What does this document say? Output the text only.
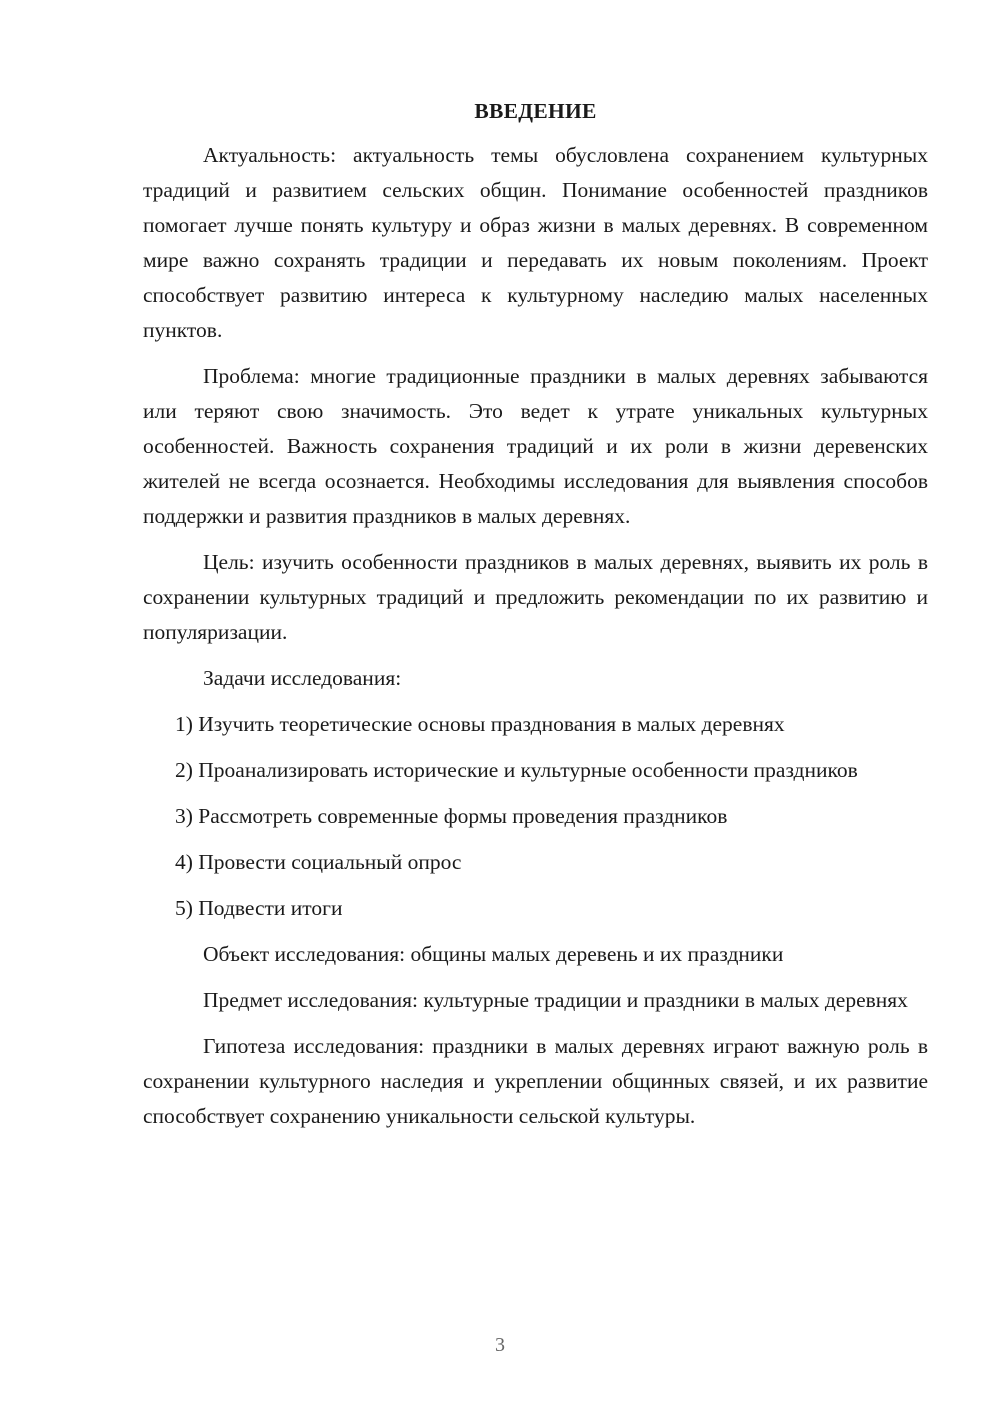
ВВЕДЕНИЕ

Актуальность: актуальность темы обусловлена сохранением культурных традиций и развитием сельских общин. Понимание особенностей праздников помогает лучше понять культуру и образ жизни в малых деревнях. В современном мире важно сохранять традиции и передавать их новым поколениям. Проект способствует развитию интереса к культурному наследию малых населенных пунктов.

Проблема: многие традиционные праздники в малых деревнях забываются или теряют свою значимость. Это ведет к утрате уникальных культурных особенностей. Важность сохранения традиций и их роли в жизни деревенских жителей не всегда осознается. Необходимы исследования для выявления способов поддержки и развития праздников в малых деревнях.

Цель: изучить особенности праздников в малых деревнях, выявить их роль в сохранении культурных традиций и предложить рекомендации по их развитию и популяризации.

Задачи исследования:

1) Изучить теоретические основы празднования в малых деревнях

2) Проанализировать исторические и культурные особенности праздников

3) Рассмотреть современные формы проведения праздников

4) Провести социальный опрос

5) Подвести итоги

Объект исследования: общины малых деревень и их праздники

Предмет исследования: культурные традиции и праздники в малых деревнях

Гипотеза исследования: праздники в малых деревнях играют важную роль в сохранении культурного наследия и укреплении общинных связей, и их развитие способствует сохранению уникальности сельской культуры.

3
